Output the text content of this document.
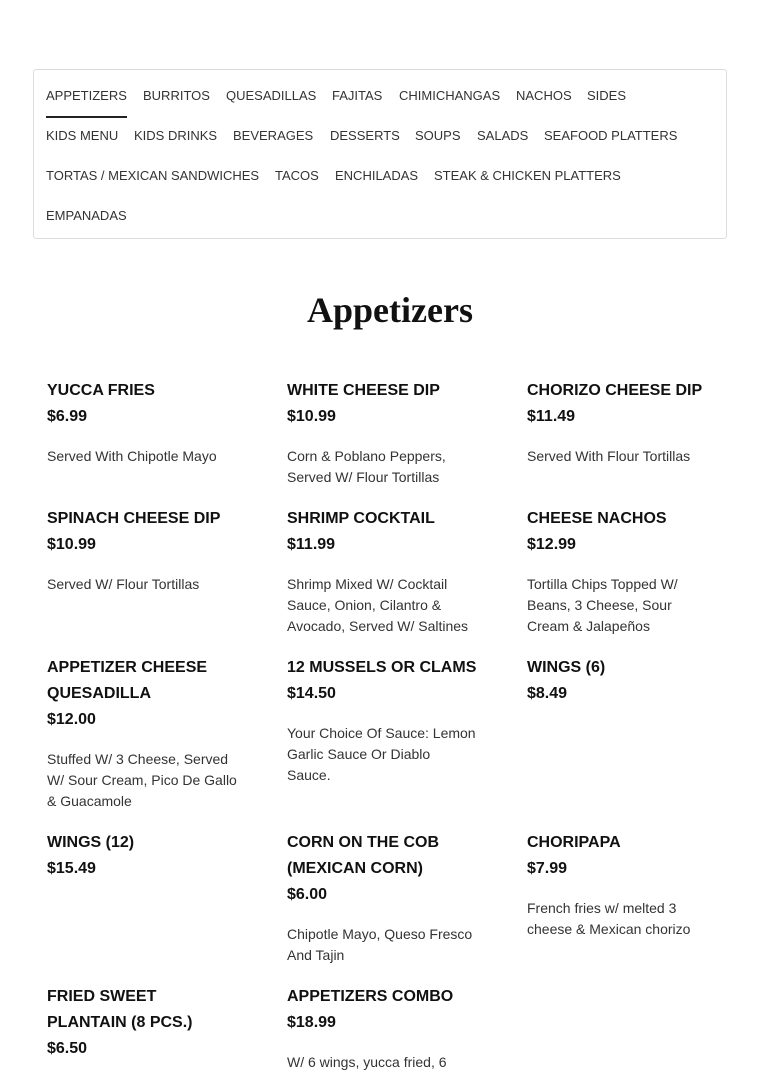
APPETIZERS BURRITOS QUESADILLAS FAJITAS CHIMICHANGAS NACHOS SIDES
KIDS MENU KIDS DRINKS BEVERAGES DESSERTS SOUPS SALADS SEAFOOD PLATTERS
TORTAS / MEXICAN SANDWICHES TACOS ENCHILADAS STEAK & CHICKEN PLATTERS
EMPANADAS
Appetizers
YUCCA FRIES
$6.99
Served With Chipotle Mayo
WHITE CHEESE DIP
$10.99
Corn & Poblano Peppers, Served W/ Flour Tortillas
CHORIZO CHEESE DIP
$11.49
Served With Flour Tortillas
SPINACH CHEESE DIP
$10.99
Served W/ Flour Tortillas
SHRIMP COCKTAIL
$11.99
Shrimp Mixed W/ Cocktail Sauce, Onion, Cilantro & Avocado, Served W/ Saltines
CHEESE NACHOS
$12.99
Tortilla Chips Topped W/ Beans, 3 Cheese, Sour Cream & Jalapeños
APPETIZER CHEESE QUESADILLA
$12.00
Stuffed W/ 3 Cheese, Served W/ Sour Cream, Pico De Gallo & Guacamole
12 MUSSELS OR CLAMS
$14.50
Your Choice Of Sauce: Lemon Garlic Sauce Or Diablo Sauce.
WINGS (6)
$8.49
WINGS (12)
$15.49
CORN ON THE COB (MEXICAN CORN)
$6.00
Chipotle Mayo, Queso Fresco And Tajin
CHORIPAPA
$7.99
French fries w/ melted 3 cheese & Mexican chorizo
FRIED SWEET PLANTAIN (8 PCS.)
$6.50
APPETIZERS COMBO
$18.99
W/ 6 wings, yucca fried, 6
